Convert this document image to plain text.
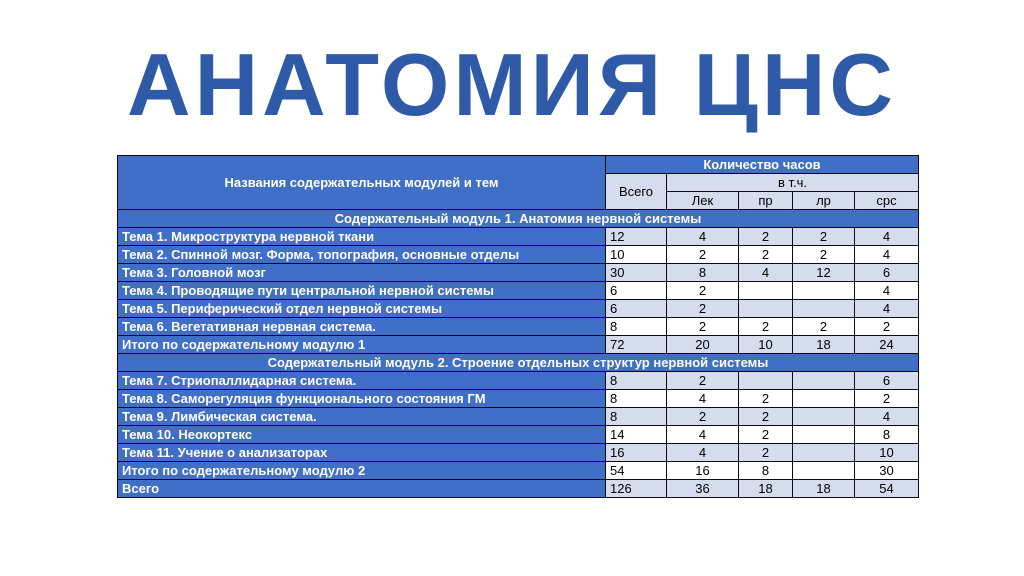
АНАТОМИЯ ЦНС
Названия содержательных модулей и тем	Количество часов				
	Всего	в т.ч.			
		Лек	пр	лр	срс
Содержательный модуль 1. Анатомия нервной системы					
Тема 1. Микроструктура нервной ткани	12	4	2	2	4
Тема 2. Спинной мозг. Форма, топография, основные отделы	10	2	2	2	4
Тема 3. Головной мозг	30	8	4	12	6
Тема 4. Проводящие пути центральной нервной системы	6	2			4
Тема 5. Периферический отдел нервной системы	6	2			4
Тема 6. Вегетативная нервная система.	8	2	2	2	2
Итого по содержательному модулю 1	72	20	10	18	24
Содержательный модуль 2. Строение отдельных структур нервной системы					
Тема 7. Стриопаллидарная система.	8	2			6
Тема 8. Саморегуляция функционального состояния ГМ	8	4	2		2
Тема 9. Лимбическая система.	8	2	2		4
Тема 10. Неокортекс	14	4	2		8
Тема 11. Учение о анализаторах	16	4	2		10
Итого по содержательному модулю 2	54	16	8		30
Всего	126	36	18	18	54
